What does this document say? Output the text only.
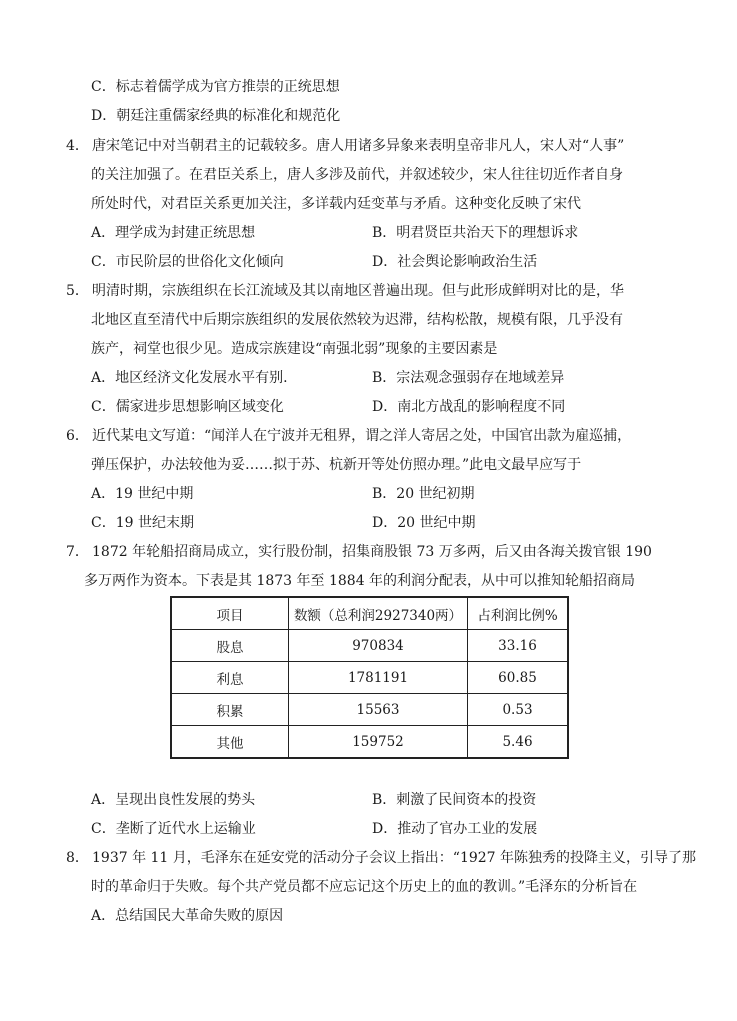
C．标志着儒学成为官方推崇的正统思想
D．朝廷注重儒家经典的标准化和规范化
4． 唐宋笔记中对当朝君主的记载较多。唐人用诸多异象来表明皇帝非凡人，宋人对“人事”
的关注加强了。在君臣关系上，唐人多涉及前代，并叙述较少，宋人往往切近作者自身
所处时代，对君臣关系更加关注，多详载内廷变革与矛盾。这种变化反映了宋代
A．理学成为封建正统思想	B．明君贤臣共治天下的理想诉求
C．市民阶层的世俗化文化倾向	D．社会舆论影响政治生活
5． 明清时期，宗族组织在长江流域及其以南地区普遍出现。但与此形成鲜明对比的是，华
北地区直至清代中后期宗族组织的发展依然较为迟滞，结构松散，规模有限，几乎没有
族产，祠堂也很少见。造成宗族建设“南强北弱”现象的主要因素是
A．地区经济文化发展水平有别.	B．宗法观念强弱存在地域差异
C．儒家进步思想影响区域变化	D．南北方战乱的影响程度不同
6． 近代某电文写道：“闻洋人在宁波并无租界，谓之洋人寄居之处，中国官出款为雇巡捕，
弹压保护，办法较他为妥……拟于苏、杭新开等处仿照办理。”此电文最早应写于
A．19 世纪中期	B．20 世纪初期
C．19 世纪末期	D．20 世纪中期
7． 1872 年轮船招商局成立，实行股份制，招集商股银 73 万多两，后又由各海关拨官银 190
多万两作为资本。下表是其 1873 年至 1884 年的利润分配表，从中可以推知轮船招商局
项目	数额（总利润2927340两）	占利润比例%
股息	970834	33.16
利息	1781191	60.85
积累	15563	0.53
其他	159752	5.46
A．呈现出良性发展的势头	B．刺激了民间资本的投资
C．垄断了近代水上运输业	D．推动了官办工业的发展
8． 1937 年 11 月，毛泽东在延安党的活动分子会议上指出：“1927 年陈独秀的投降主义，引导了那
时的革命归于失败。每个共产党员都不应忘记这个历史上的血的教训。”毛泽东的分析旨在
A．总结国民大革命失败的原因
